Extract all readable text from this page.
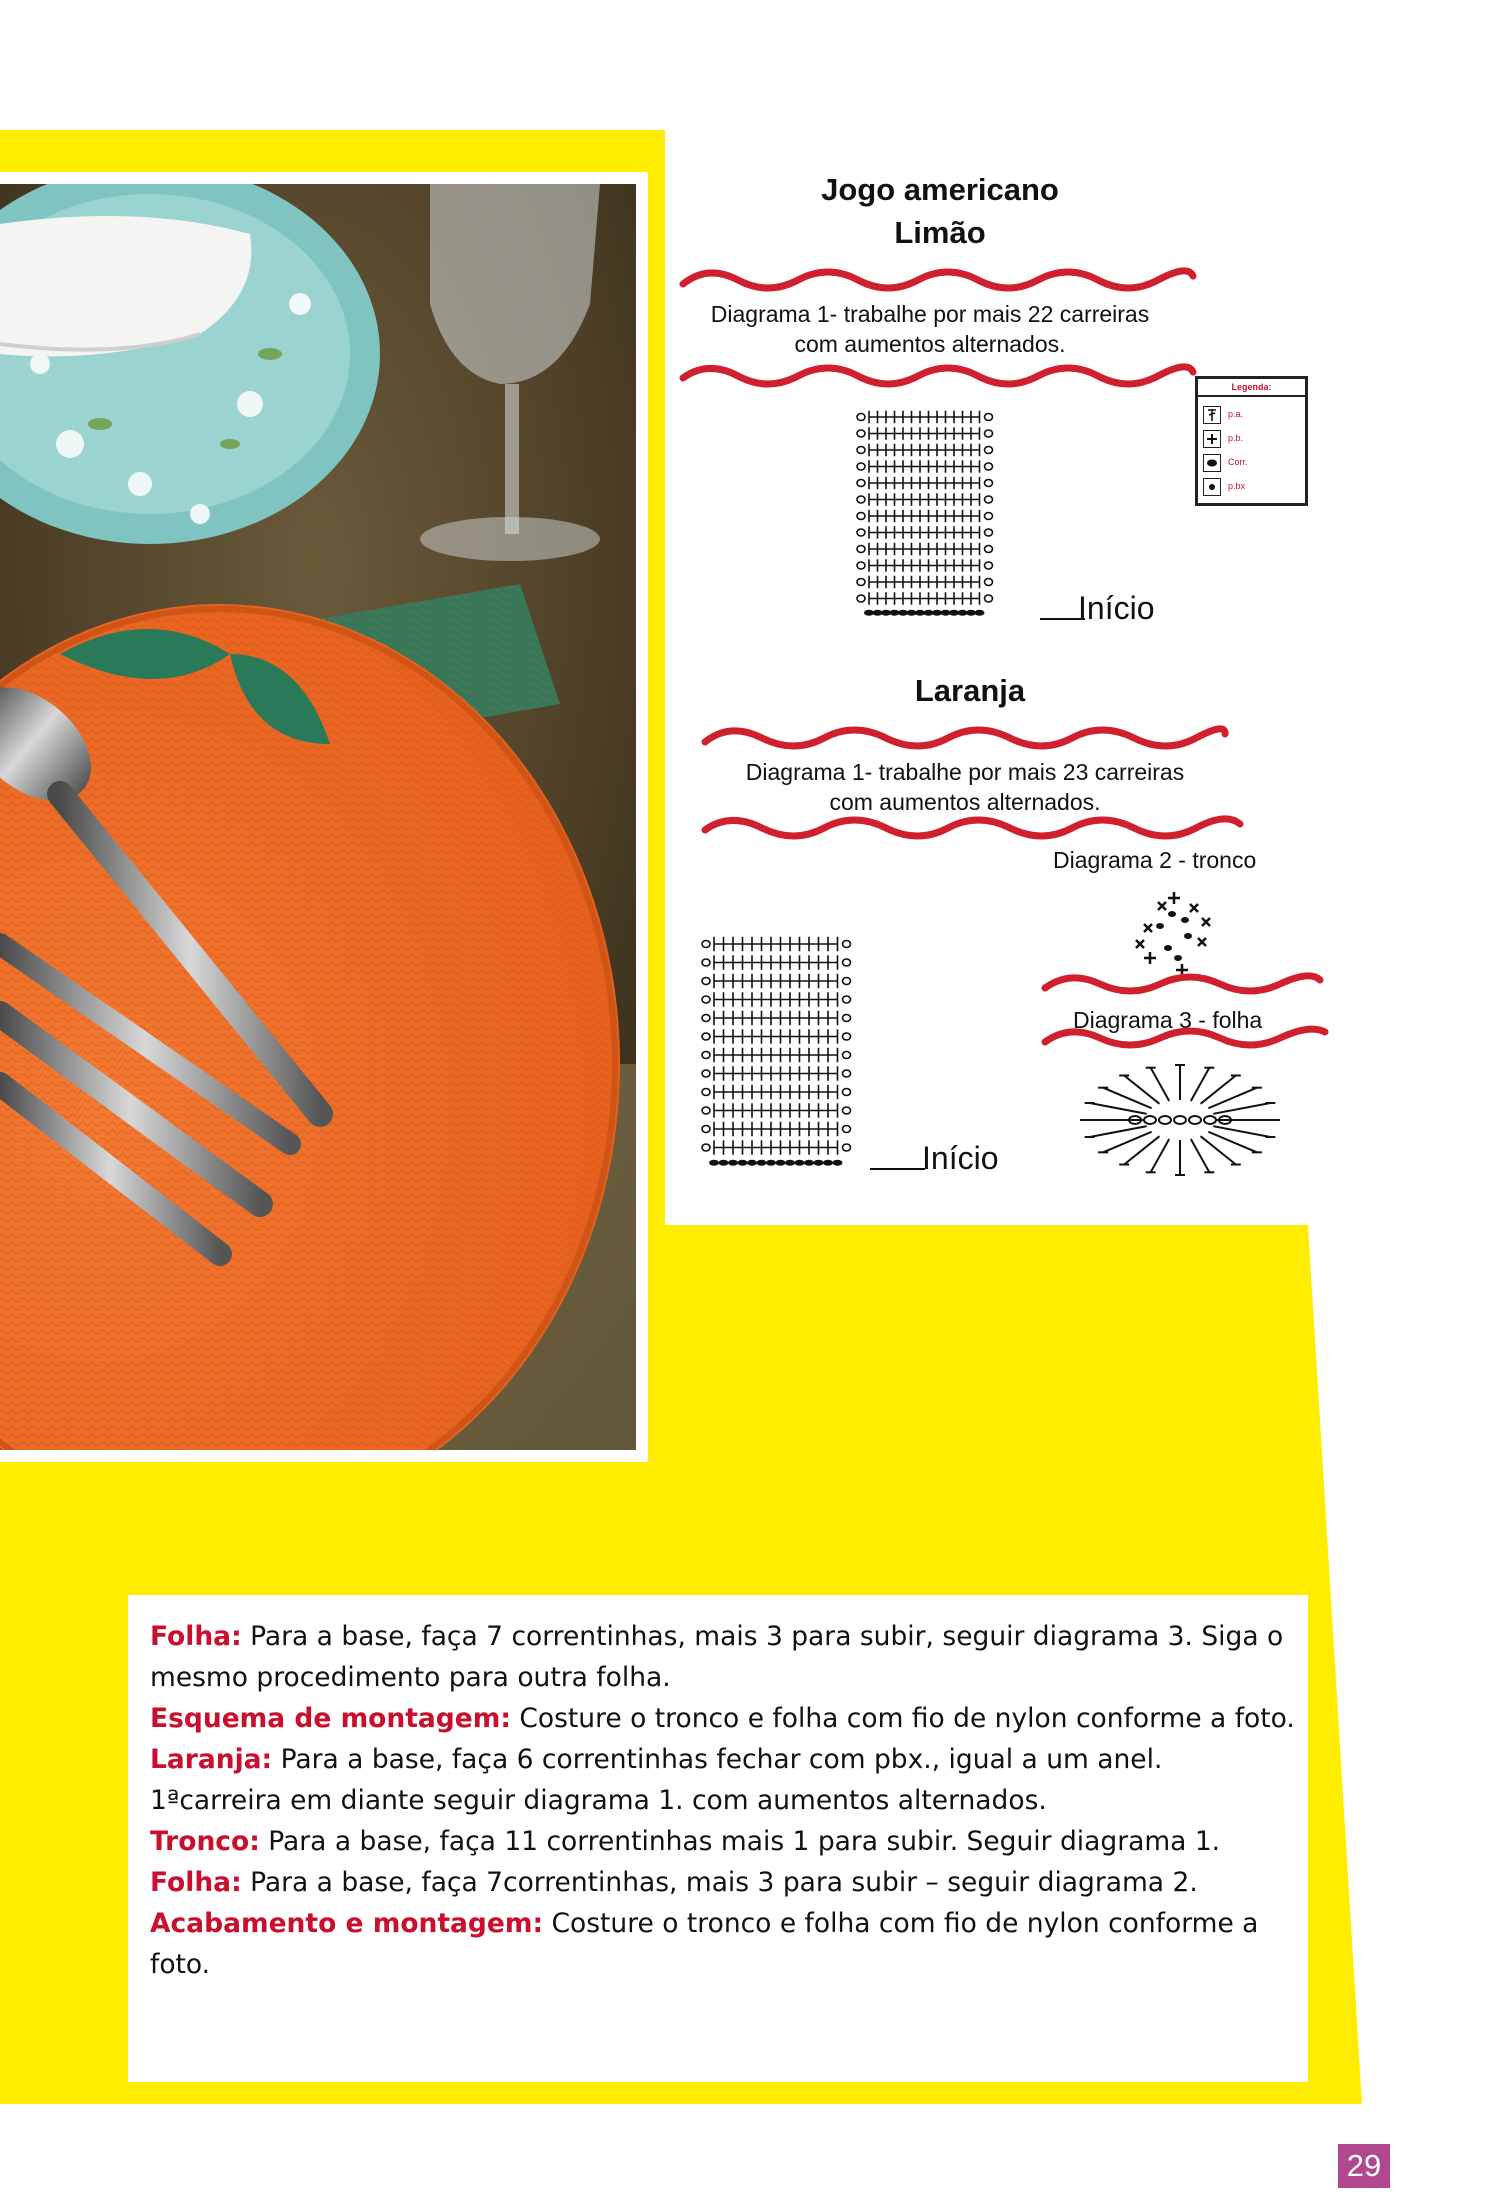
Jogo americano
Limão
Diagrama 1- trabalhe por mais 22 carreiras
com aumentos alternados.
Legenda:
p.a.
p.b.
Corr.
p.bx
Início
Laranja
Diagrama 1- trabalhe por mais 23 carreiras
com aumentos alternados.
Diagrama 2 - tronco
Início
Diagrama 3 - folha
Folha: Para a base, faça 7 correntinhas, mais 3 para subir, seguir diagrama 3. Siga o mesmo procedimento para outra folha.
Esquema de montagem: Costure o tronco e folha com fio de nylon conforme a foto.
Laranja: Para a base, faça 6 correntinhas fechar com pbx., igual a um anel.
1ªcarreira em diante seguir diagrama 1. com aumentos alternados.
Tronco: Para a base, faça 11 correntinhas mais 1 para subir. Seguir diagrama 1.
Folha: Para a base, faça 7correntinhas, mais 3 para subir – seguir diagrama 2.
Acabamento e montagem: Costure o tronco e folha com fio de nylon conforme a foto.
29
